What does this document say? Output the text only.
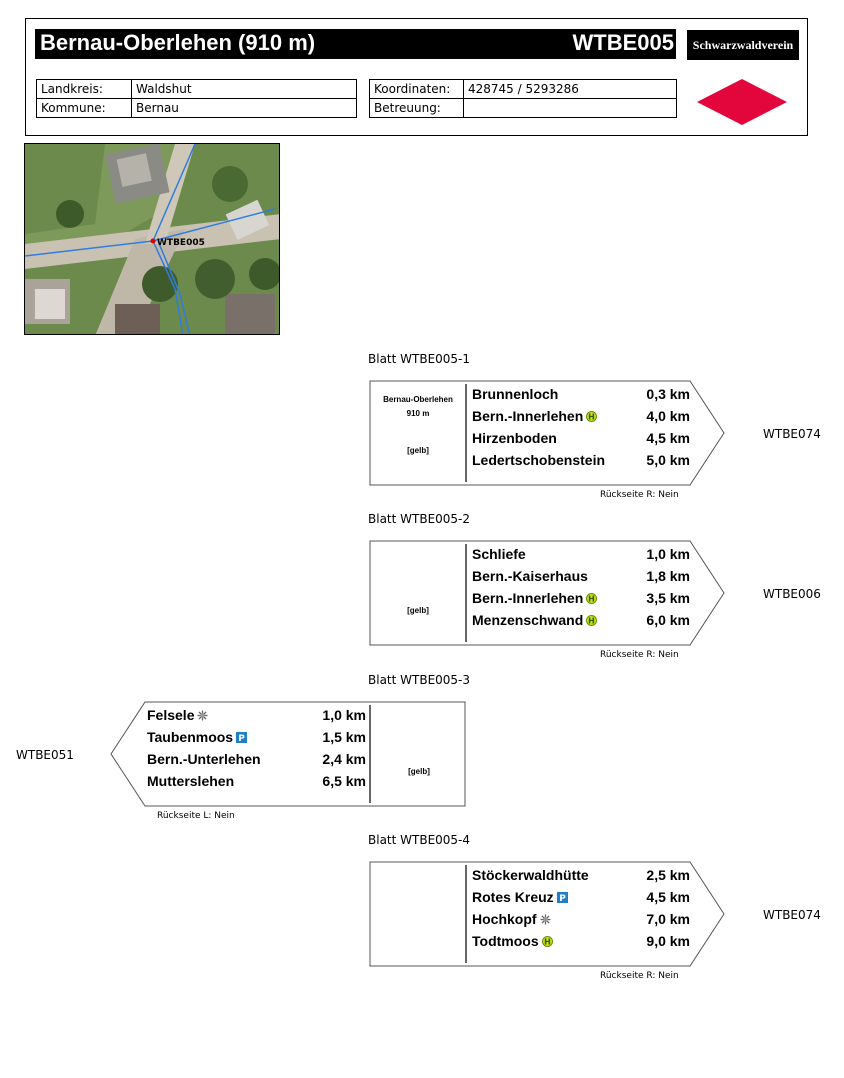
Bernau-Oberlehen (910 m)	WTBE005	Schwarzwaldverein
Landkreis:	Waldshut
Kommune:	Bernau
Koordinaten:	428745 / 5293286
Betreuung:	
WTBE005
Blatt WTBE005-1
Bernau-Oberlehen
910 m
[gelb]
Brunnenloch	0,3 km
Bern.-Innerlehen H	4,0 km
Hirzenboden	4,5 km
Ledertschobenstein	5,0 km
WTBE074
Rückseite R: Nein
Blatt WTBE005-2
[gelb]
Schliefe	1,0 km
Bern.-Kaiserhaus	1,8 km
Bern.-Innerlehen H	3,5 km
Menzenschwand H	6,0 km
WTBE006
Rückseite R: Nein
Blatt WTBE005-3
[gelb]
Felsele	1,0 km
Taubenmoos P	1,5 km
Bern.-Unterlehen	2,4 km
Mutterslehen	6,5 km
WTBE051
Rückseite L: Nein
Blatt WTBE005-4
Stöckerwaldhütte	2,5 km
Rotes Kreuz P	4,5 km
Hochkopf	7,0 km
Todtmoos H	9,0 km
WTBE074
Rückseite R: Nein
